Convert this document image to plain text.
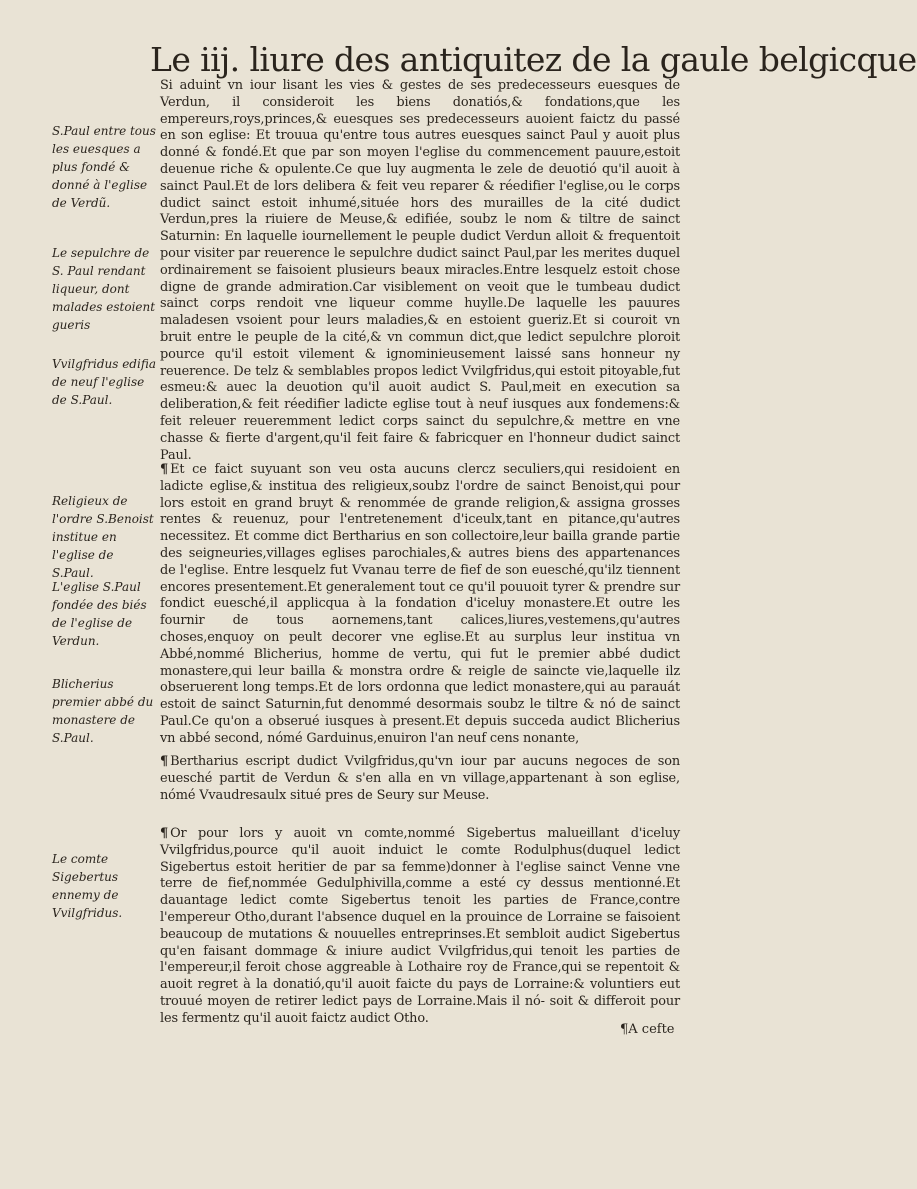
Le iij. liure des antiquitez de la gaule belgicque

Si aduint vn iour lisant les vies & gestes de ses predecesseurs euesques de Verdun, il consideroit les biens donatiós,& fondations,que les empereurs,roys,princes,& euesques ses predecesseurs auoient faictz du passé en son eglise: Et trouua qu'entre tous autres euesques sainct Paul y auoit plus donné & fondé.Et que par son moyen l'eglise du commencement pauure,estoit deuenue riche & opulente.Ce que luy augmenta le zele de deuotió qu'il auoit à sainct Paul.Et de lors delibera & feit veu reparer & réedifier l'eglise,ou le corps dudict sainct estoit inhumé,située hors des murailles de la cité dudict Verdun,pres la riuiere de Meuse,& edifiée, soubz le nom & tiltre de sainct Saturnin: En laquelle iournellement le peuple dudict Verdun alloit & frequentoit pour visiter par reuerence le sepulchre dudict sainct Paul,par les merites duquel ordinairement se faisoient plusieurs beaux miracles.Entre lesquelz estoit chose digne de grande admiration.Car visiblement on veoit que le tumbeau dudict sainct corps rendoit vne liqueur comme huylle.De laquelle les pauures maladesen vsoient pour leurs maladies,& en estoient gueriz.Et si couroit vn bruit entre le peuple de la cité,& vn commun dict,que ledict sepulchre ploroit pource qu'il estoit vilement & ignominieusement laissé sans honneur ny reuerence. De telz & semblables propos ledict Vvilgfridus,qui estoit pitoyable,fut esmeu:& auec la deuotion qu'il auoit audict S. Paul,meit en execution sa deliberation,& feit réedifier ladicte eglise tout à neuf iusques aux fondemens:& feit releuer reueremment ledict corps sainct du sepulchre,& mettre en vne chasse & fierte d'argent,qu'il feit faire & fabricquer en l'honneur dudict sainct Paul.

¶ Et ce faict suyuant son veu osta aucuns clercz seculiers,qui residoient en ladicte eglise,& institua des religieux,soubz l'ordre de sainct Benoist,qui pour lors estoit en grand bruyt & renommée de grande religion,& assigna grosses rentes & reuenuz, pour l'entretenement d'iceulx,tant en pitance,qu'autres necessitez. Et comme dict Bertharius en son collectoire,leur bailla grande partie des seigneuries,villages eglises parochiales,& autres biens des appartenances de l'eglise. Entre lesquelz fut Vvanau terre de fief de son euesché,qu'ilz tiennent encores presentement.Et generalement tout ce qu'il pouuoit tyrer & prendre sur fondict euesché,il applicqua à la fondation d'iceluy monastere.Et outre les fournir de tous aornemens,tant calices,liures,vestemens,qu'autres choses,enquoy on peult decorer vne eglise.Et au surplus leur institua vn Abbé,nommé Blicherius, homme de vertu, qui fut le premier abbé dudict monastere,qui leur bailla & monstra ordre & reigle de saincte vie,laquelle ilz obseruerent long temps.Et de lors ordonna que ledict monastere,qui au parauát estoit de sainct Saturnin,fut denommé desormais soubz le tiltre & nó de sainct Paul.Ce qu'on a obserué iusques à present.Et depuis succeda audict Blicherius vn abbé second, nómé Garduinus,enuiron l'an neuf cens nonante,

¶ Bertharius escript dudict Vvilgfridus,qu'vn iour par aucuns negoces de son euesché partit de Verdun & s'en alla en vn village,appartenant à son eglise, nómé Vvaudresaulx situé pres de Seury sur Meuse.

¶ Or pour lors y auoit vn comte,nommé Sigebertus malueillant d'iceluy Vvilgfridus,pource qu'il auoit induict le comte Rodulphus(duquel ledict Sigebertus estoit heritier de par sa femme)donner à l'eglise sainct Venne vne terre de fief,nommée Gedulphivilla,comme a esté cy dessus mentionné.Et dauantage ledict comte Sigebertus tenoit les parties de France,contre l'empereur Otho,durant l'absence duquel en la prouince de Lorraine se faisoient beaucoup de mutations & nouuelles entreprinses.Et sembloit audict Sigebertus qu'en faisant dommage & iniure audict Vvilgfridus,qui tenoit les parties de l'empereur,il feroit chose aggreable à Lothaire roy de France,qui se repentoit & auoit regret à la donatió,qu'il auoit faicte du pays de Lorraine:& voluntiers eut trouué moyen de retirer ledict pays de Lorraine.Mais il nó- soit & differoit pour les fermentz qu'il auoit faictz audict Otho.

S.Paul entre tous les euesques a plus fondé & donné à l'eglise de Verdũ.
Le sepulchre de S. Paul rendant liqueur, dont malades estoient gueris
Vvilgfridus edifia de neuf l'eglise de S.Paul.
Religieux de l'ordre S.Benoist institue en l'eglise de S.Paul.
L'eglise S.Paul fondée des biés de l'eglise de Verdun.
Blicherius premier abbé du monastere de S.Paul.
Le comte Sigebertus ennemy de Vvilgfridus.
¶A cefte
